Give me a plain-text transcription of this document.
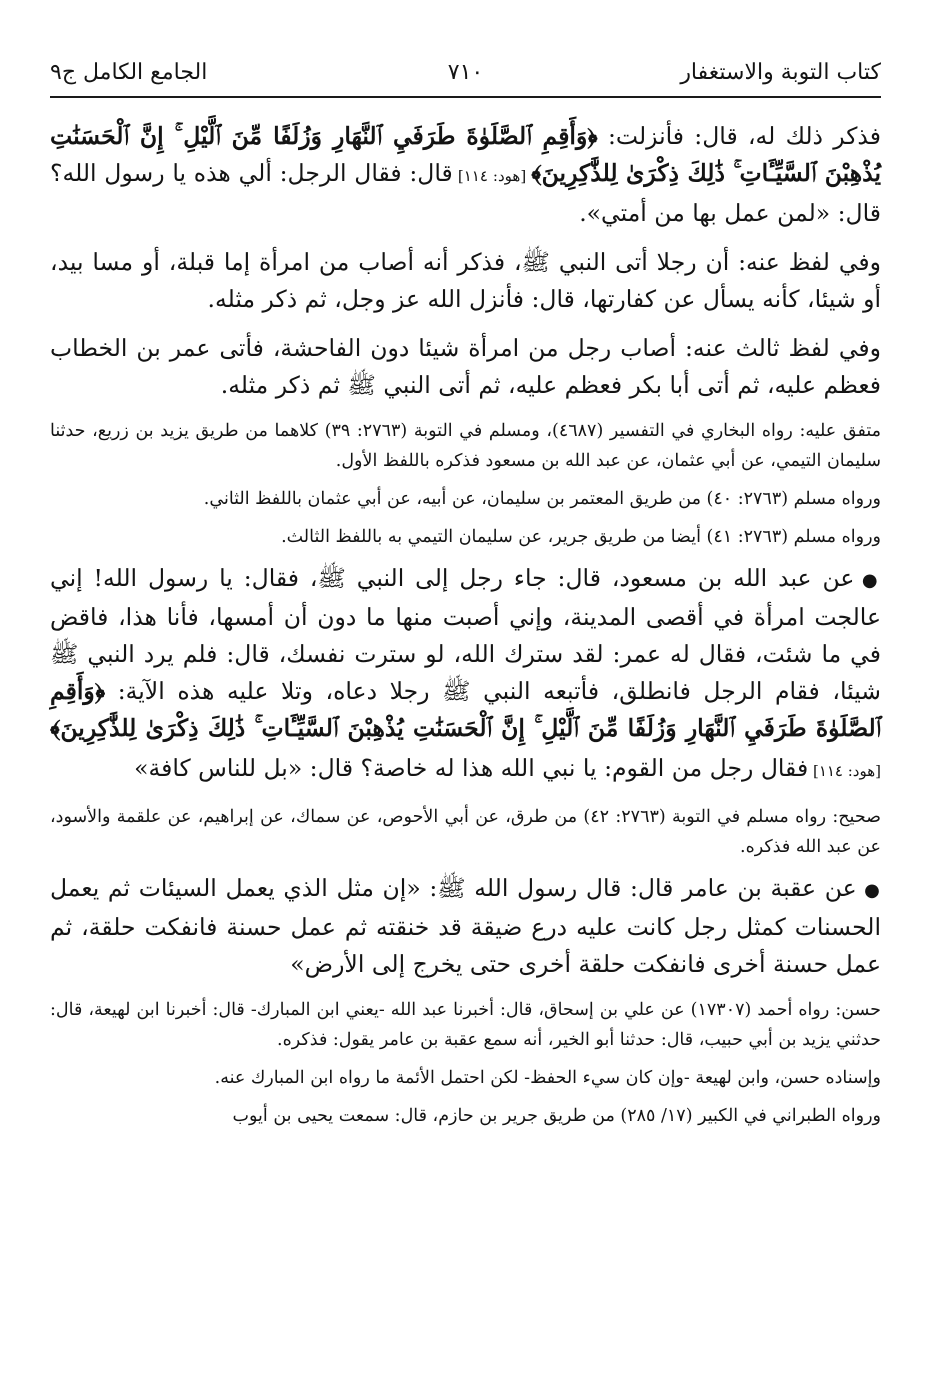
كتاب التوبة والاستغفار
٧١٠
الجامع الكامل ج٩

فذكر ذلك له، قال: فأنزلت: ﴿وَأَقِمِ ٱلصَّلَوٰةَ طَرَفَيِ ٱلنَّهَارِ وَزُلَفًا مِّنَ ٱلَّيْلِ ۚ إِنَّ ٱلْحَسَنَٰتِ يُذْهِبْنَ ٱلسَّيِّـَٔاتِ ۚ ذَٰلِكَ ذِكْرَىٰ لِلذَّٰكِرِينَ﴾ [هود: ١١٤] قال: فقال الرجل: ألي هذه يا رسول الله؟ قال: «لمن عمل بها من أمتي».

وفي لفظ عنه: أن رجلا أتى النبي ﷺ، فذكر أنه أصاب من امرأة إما قبلة، أو مسا بيد، أو شيئا، كأنه يسأل عن كفارتها، قال: فأنزل الله عز وجل، ثم ذكر مثله.

وفي لفظ ثالث عنه: أصاب رجل من امرأة شيئا دون الفاحشة، فأتى عمر بن الخطاب فعظم عليه، ثم أتى أبا بكر فعظم عليه، ثم أتى النبي ﷺ ثم ذكر مثله.

متفق عليه: رواه البخاري في التفسير (٤٦٨٧)، ومسلم في التوبة (٢٧٦٣: ٣٩) كلاهما من طريق يزيد بن زريع، حدثنا سليمان التيمي، عن أبي عثمان، عن عبد الله بن مسعود فذكره باللفظ الأول.

ورواه مسلم (٢٧٦٣: ٤٠) من طريق المعتمر بن سليمان، عن أبيه، عن أبي عثمان باللفظ الثاني.

ورواه مسلم (٢٧٦٣: ٤١) أيضا من طريق جرير، عن سليمان التيمي به باللفظ الثالث.

● عن عبد الله بن مسعود، قال: جاء رجل إلى النبي ﷺ، فقال: يا رسول الله! إني عالجت امرأة في أقصى المدينة، وإني أصبت منها ما دون أن أمسها، فأنا هذا، فاقض في ما شئت، فقال له عمر: لقد سترك الله، لو سترت نفسك، قال: فلم يرد النبي ﷺ شيئا، فقام الرجل فانطلق، فأتبعه النبي ﷺ رجلا دعاه، وتلا عليه هذه الآية: ﴿وَأَقِمِ ٱلصَّلَوٰةَ طَرَفَيِ ٱلنَّهَارِ وَزُلَفًا مِّنَ ٱلَّيْلِ ۚ إِنَّ ٱلْحَسَنَٰتِ يُذْهِبْنَ ٱلسَّيِّـَٔاتِ ۚ ذَٰلِكَ ذِكْرَىٰ لِلذَّٰكِرِينَ﴾ [هود: ١١٤] فقال رجل من القوم: يا نبي الله هذا له خاصة؟ قال: «بل للناس كافة»

صحيح: رواه مسلم في التوبة (٢٧٦٣: ٤٢) من طرق، عن أبي الأحوص، عن سماك، عن إبراهيم، عن علقمة والأسود، عن عبد الله فذكره.

● عن عقبة بن عامر قال: قال رسول الله ﷺ: «إن مثل الذي يعمل السيئات ثم يعمل الحسنات كمثل رجل كانت عليه درع ضيقة قد خنقته ثم عمل حسنة فانفكت حلقة، ثم عمل حسنة أخرى فانفكت حلقة أخرى حتى يخرج إلى الأرض»

حسن: رواه أحمد (١٧٣٠٧) عن علي بن إسحاق، قال: أخبرنا عبد الله -يعني ابن المبارك- قال: أخبرنا ابن لهيعة، قال: حدثني يزيد بن أبي حبيب، قال: حدثنا أبو الخير، أنه سمع عقبة بن عامر يقول: فذكره.

وإسناده حسن، وابن لهيعة -وإن كان سيء الحفظ- لكن احتمل الأئمة ما رواه ابن المبارك عنه.

ورواه الطبراني في الكبير (١٧/ ٢٨٥) من طريق جرير بن حازم، قال: سمعت يحيى بن أيوب
